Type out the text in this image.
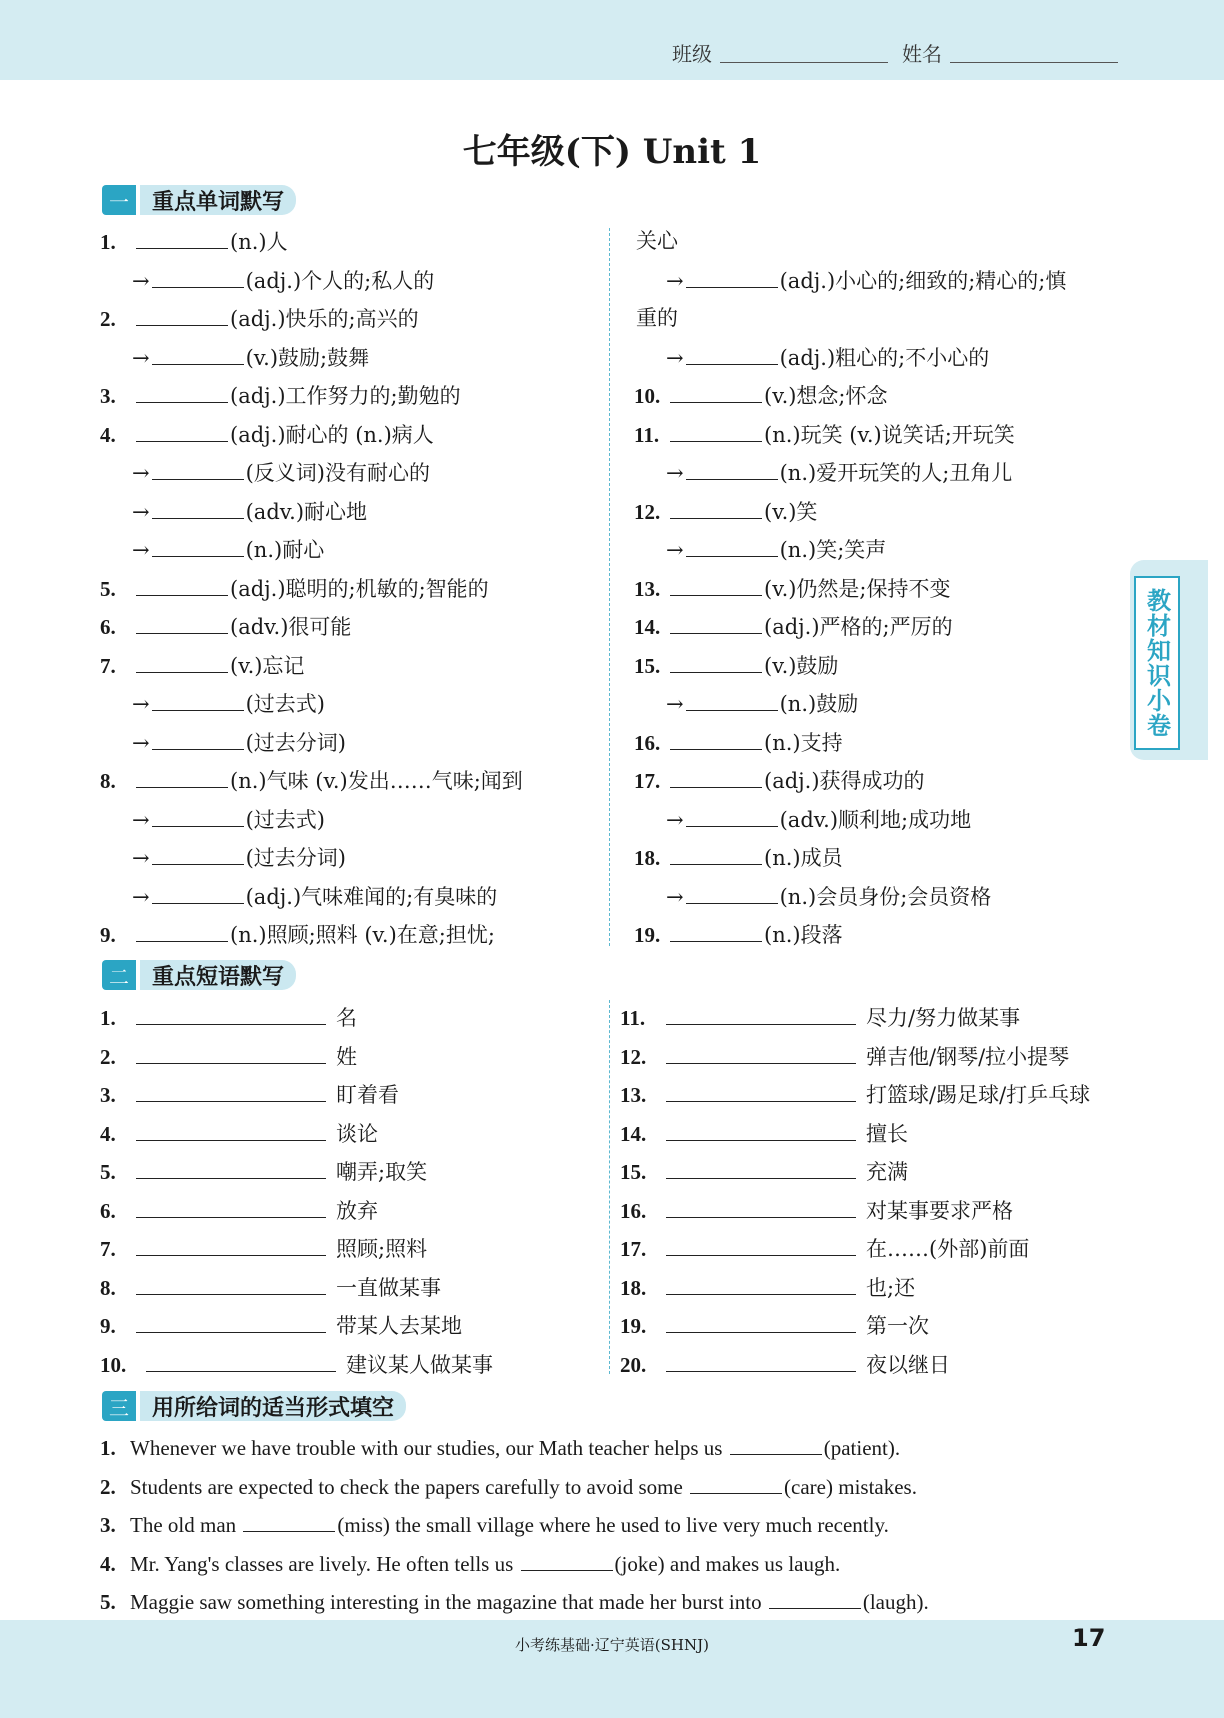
班级	姓名
七年级(下) Unit 1
一	重点单词默写
二	重点短语默写
三	用所给词的适当形式填空
1.	(n.)人
→	(adj.)个人的;私人的
2.	(adj.)快乐的;高兴的
→	(v.)鼓励;鼓舞
3.	(adj.)工作努力的;勤勉的
4.	(adj.)耐心的 (n.)病人
→	(反义词)没有耐心的
→	(adv.)耐心地
→	(n.)耐心
5.	(adj.)聪明的;机敏的;智能的
6.	(adv.)很可能
7.	(v.)忘记
→	(过去式)
→	(过去分词)
8.	(n.)气味 (v.)发出……气味;闻到
→	(过去式)
→	(过去分词)
→	(adj.)气味难闻的;有臭味的
9.	(n.)照顾;照料 (v.)在意;担忧;
关心
→	(adj.)小心的;细致的;精心的;慎
重的
→	(adj.)粗心的;不小心的
10.	(v.)想念;怀念
11.	(n.)玩笑 (v.)说笑话;开玩笑
→	(n.)爱开玩笑的人;丑角儿
12.	(v.)笑
→	(n.)笑;笑声
13.	(v.)仍然是;保持不变
14.	(adj.)严格的;严厉的
15.	(v.)鼓励
→	(n.)鼓励
16.	(n.)支持
17.	(adj.)获得成功的
→	(adv.)顺利地;成功地
18.	(n.)成员
→	(n.)会员身份;会员资格
19.	(n.)段落
1.	名
2.	姓
3.	盯着看
4.	谈论
5.	嘲弄;取笑
6.	放弃
7.	照顾;照料
8.	一直做某事
9.	带某人去某地
10.	建议某人做某事
11.	尽力/努力做某事
12.	弹吉他/钢琴/拉小提琴
13.	打篮球/踢足球/打乒乓球
14.	擅长
15.	充满
16.	对某事要求严格
17.	在……(外部)前面
18.	也;还
19.	第一次
20.	夜以继日
1. Whenever we have trouble with our studies, our Math teacher helps us	(patient).
2. Students are expected to check the papers carefully to avoid some	(care) mistakes.
3. The old man	(miss) the small village where he used to live very much recently.
4. Mr. Yang's classes are lively. He often tells us	(joke) and makes us laugh.
5. Maggie saw something interesting in the magazine that made her burst into	(laugh).
教材知识小卷
小考练基础·辽宁英语(SHNJ)	17
